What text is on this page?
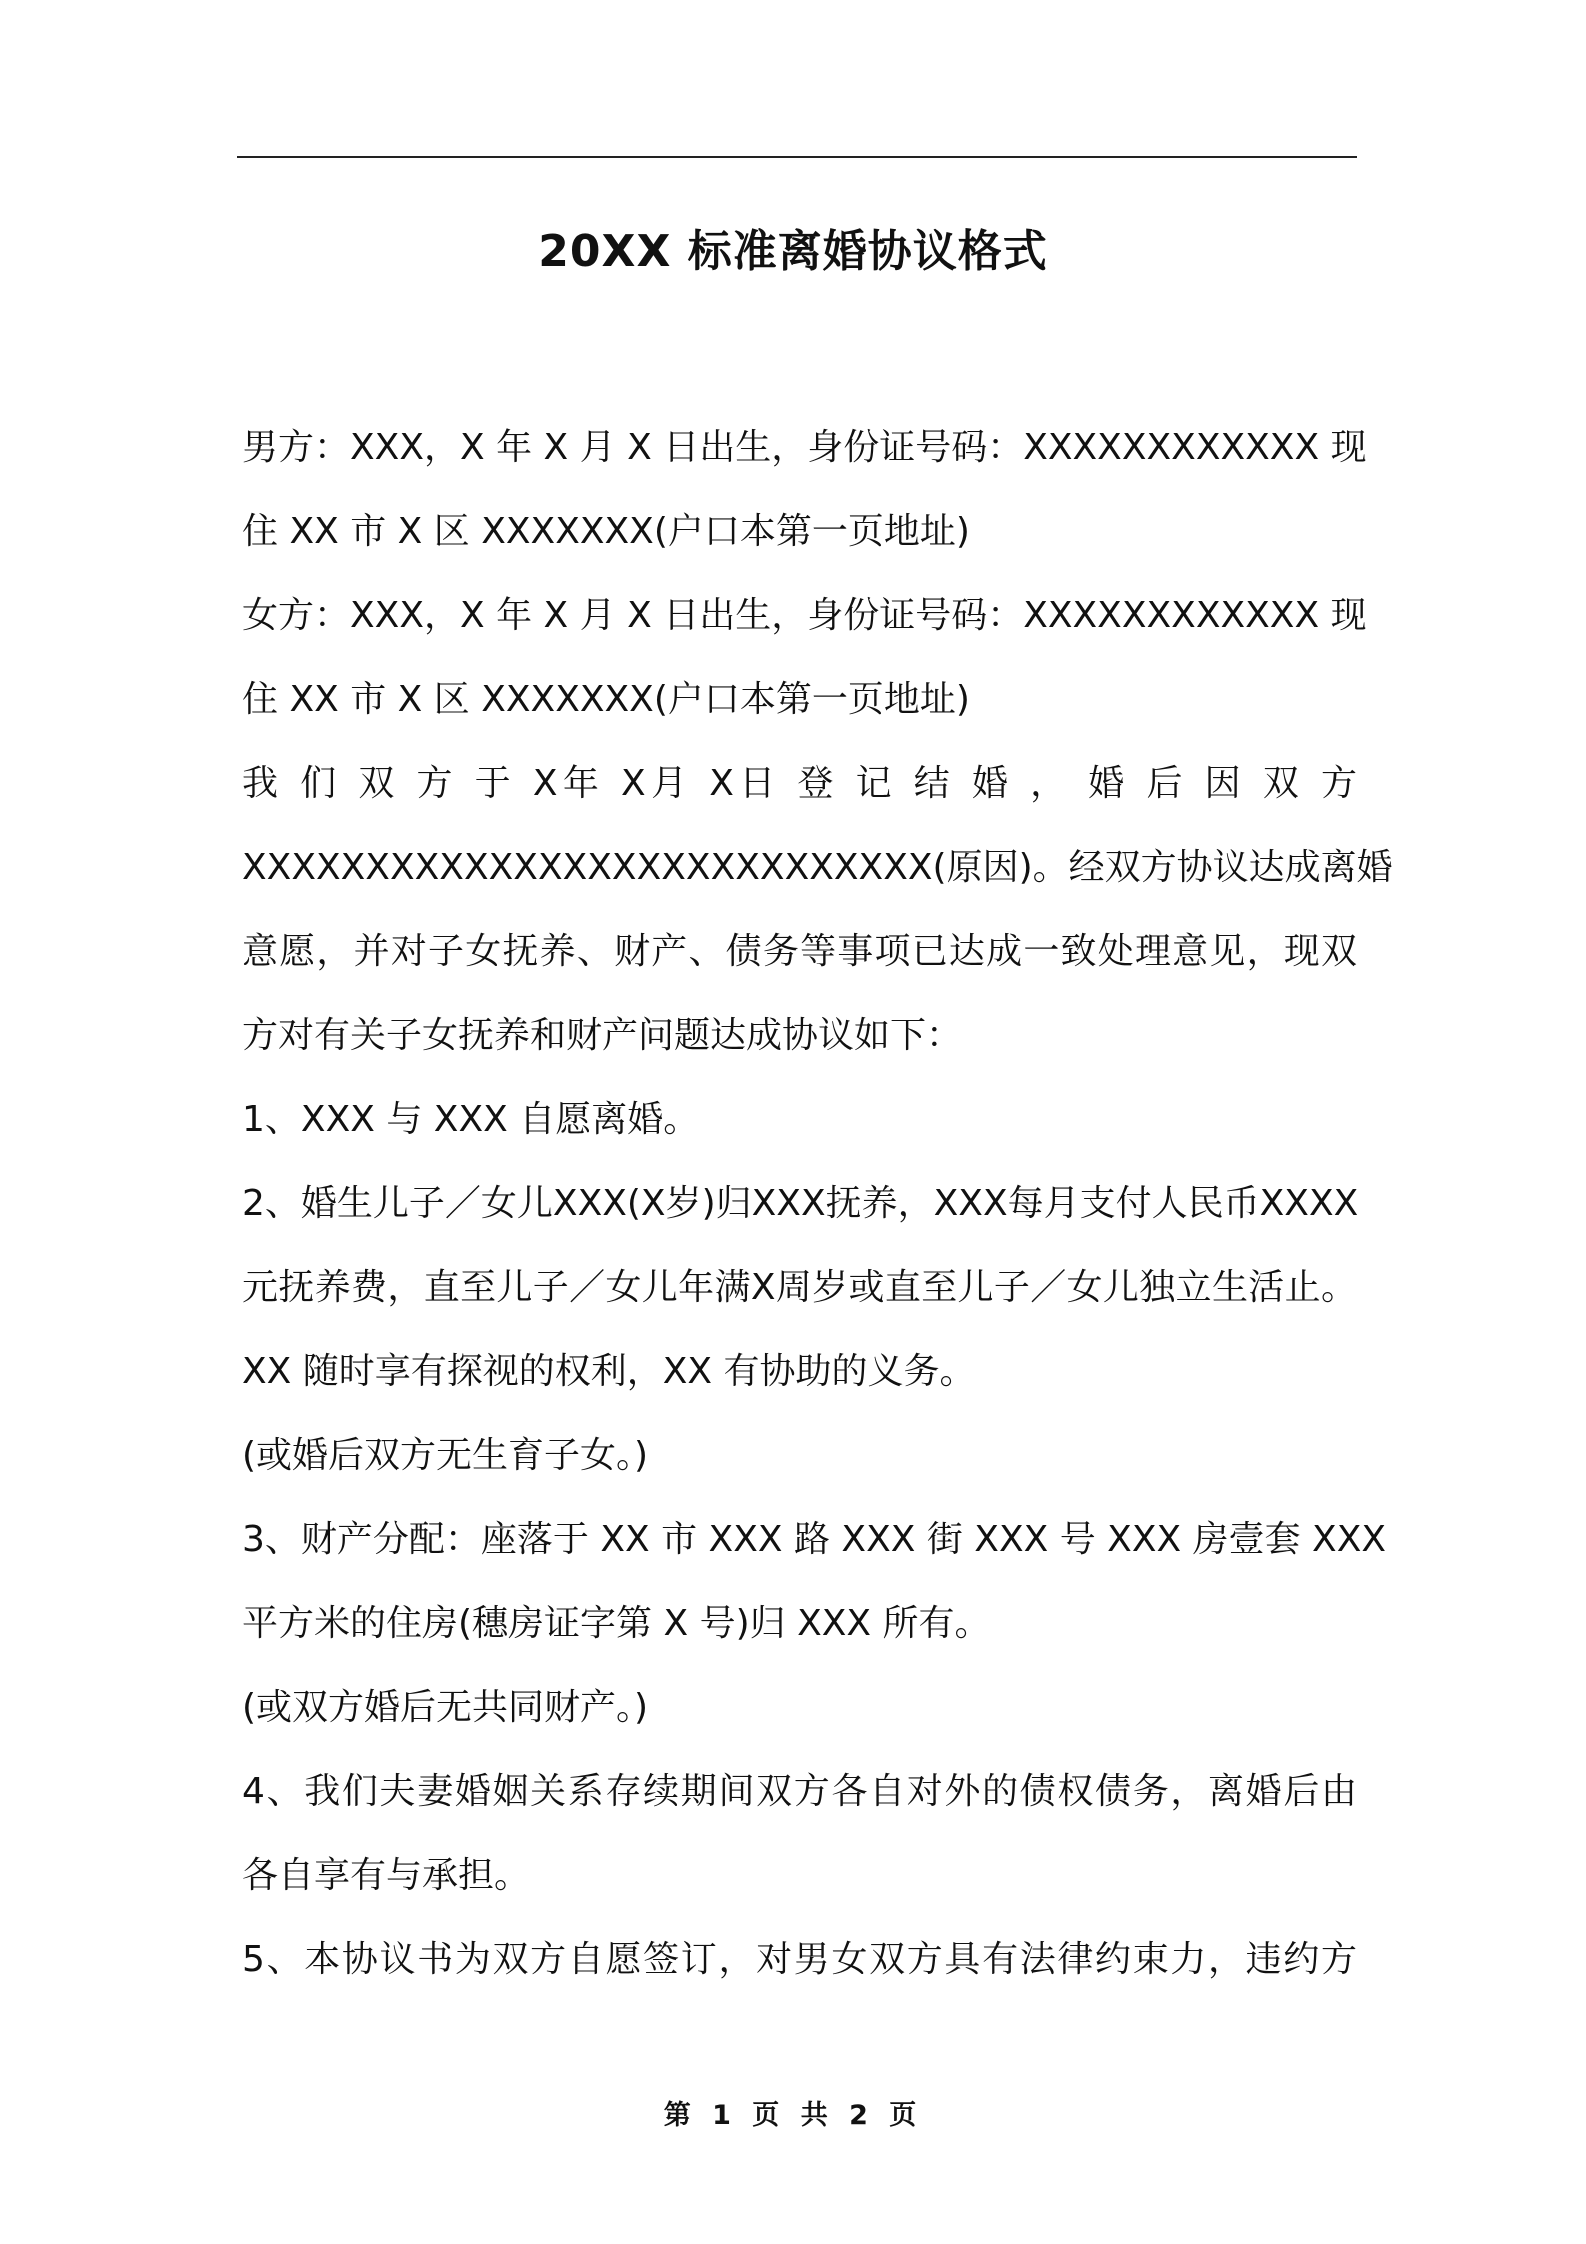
20XX 标准离婚协议格式
男方：XXX，X 年 X 月 X 日出生，身份证号码：XXXXXXXXXXXX 现
住 XX 市 X 区 XXXXXXX(户口本第一页地址)
女方：XXX，X 年 X 月 X 日出生，身份证号码：XXXXXXXXXXXX 现
住 XX 市 X 区 XXXXXXX(户口本第一页地址)
我 们 双 方 于 X年 X月 X日 登 记 结 婚 ， 婚 后 因 双 方
XXXXXXXXXXXXXXXXXXXXXXXXXXXX(原因)。经双方协议达成离婚
意愿，并对子女抚养、财产、债务等事项已达成一致处理意见，现双
方对有关子女抚养和财产问题达成协议如下：
1、XXX 与 XXX 自愿离婚。
2、婚生儿子／女儿XXX(X岁)归XXX抚养，XXX每月支付人民币XXXX
元抚养费，直至儿子／女儿年满X周岁或直至儿子／女儿独立生活止。
XX 随时享有探视的权利，XX 有协助的义务。
(或婚后双方无生育子女。)
3、财产分配：座落于 XX 市 XXX 路 XXX 街 XXX 号 XXX 房壹套 XXX
平方米的住房(穗房证字第 X 号)归 XXX 所有。
(或双方婚后无共同财产。)
4、我们夫妻婚姻关系存续期间双方各自对外的债权债务，离婚后由
各自享有与承担。
5、本协议书为双方自愿签订，对男女双方具有法律约束力，违约方
第 1 页 共 2 页
